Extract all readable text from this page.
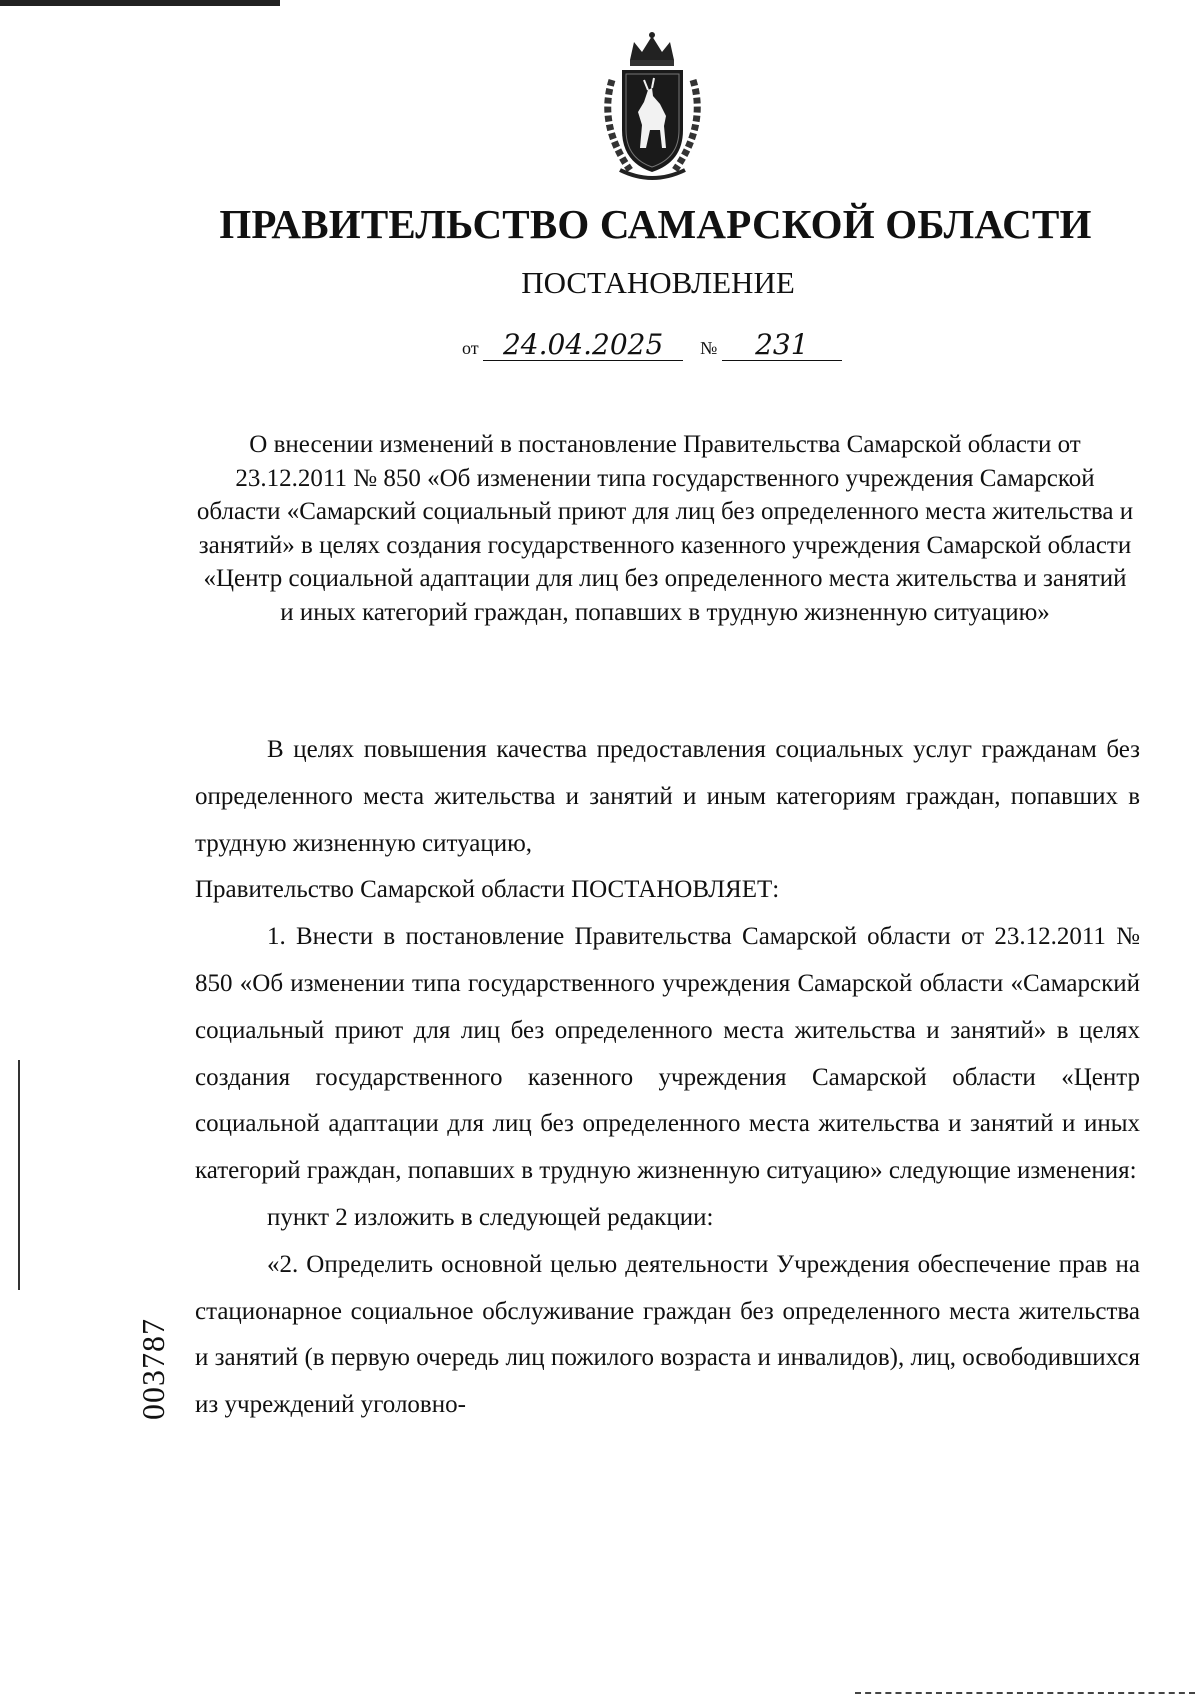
ПРАВИТЕЛЬСТВО САМАРСКОЙ ОБЛАСТИ
ПОСТАНОВЛЕНИЕ
от 24.04.2025 № 231
О внесении изменений в постановление Правительства Самарской области от 23.12.2011 № 850 «Об изменении типа государственного учреждения Самарской области «Самарский социальный приют для лиц без определенного места жительства и занятий» в целях создания государственного казенного учреждения Самарской области «Центр социальной адаптации для лиц без определенного места жительства и занятий и иных категорий граждан, попавших в трудную жизненную ситуацию»

В целях повышения качества предоставления социальных услуг гражданам без определенного места жительства и занятий и иным категориям граждан, попавших в трудную жизненную ситуацию,

Правительство Самарской области ПОСТАНОВЛЯЕТ:

1. Внести в постановление Правительства Самарской области от 23.12.2011 № 850 «Об изменении типа государственного учреждения Самарской области «Самарский социальный приют для лиц без определенного места жительства и занятий» в целях создания государственного казенного учреждения Самарской области «Центр социальной адаптации для лиц без определенного места жительства и занятий и иных категорий граждан, попавших в трудную жизненную ситуацию» следующие изменения:

пункт 2 изложить в следующей редакции:

«2. Определить основной целью деятельности Учреждения обеспечение прав на стационарное социальное обслуживание граждан без определенного места жительства и занятий (в первую очередь лиц пожилого возраста и инвалидов), лиц, освободившихся из учреждений уголовно-

003787
